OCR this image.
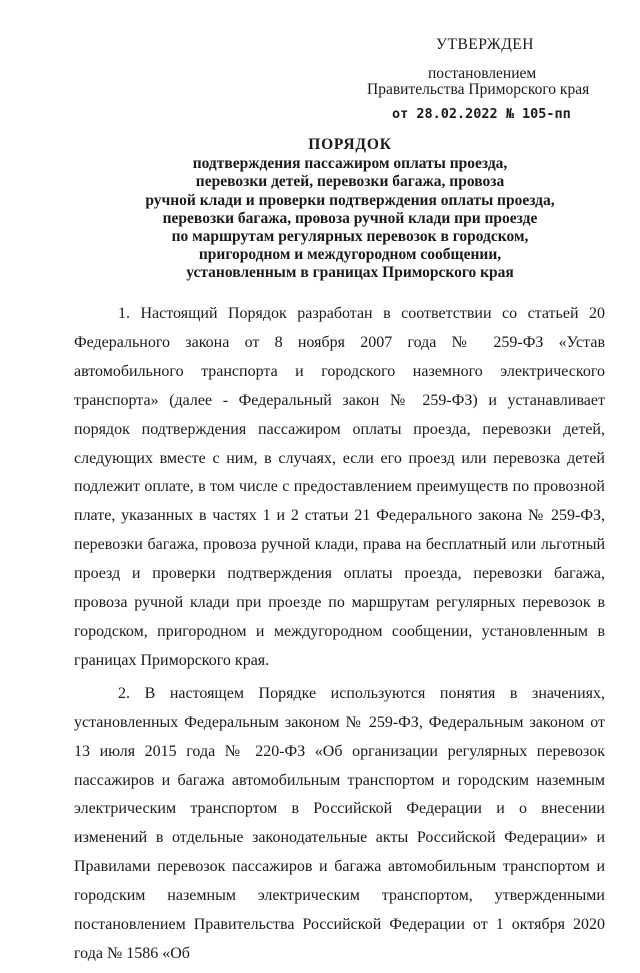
УТВЕРЖДЕН
постановлением
Правительства Приморского края
от 28.02.2022 № 105-пп
ПОРЯДОК
подтверждения пассажиром оплаты проезда,
перевозки детей, перевозки багажа, провоза
ручной клади и проверки подтверждения оплаты проезда,
перевозки багажа, провоза ручной клади при проезде
по маршрутам регулярных перевозок в городском,
пригородном и междугородном сообщении,
установленным в границах Приморского края

1. Настоящий Порядок разработан в соответствии со статьей 20 Федерального закона от 8 ноября 2007 года № 259-ФЗ «Устав автомобильного транспорта и городского наземного электрического транспорта» (далее - Федеральный закон № 259-ФЗ) и устанавливает порядок подтверждения пассажиром оплаты проезда, перевозки детей, следующих вместе с ним, в случаях, если его проезд или перевозка детей подлежит оплате, в том числе с предоставлением преимуществ по провозной плате, указанных в частях 1 и 2 статьи 21 Федерального закона № 259-ФЗ, перевозки багажа, провоза ручной клади, права на бесплатный или льготный проезд и проверки подтверждения оплаты проезда, перевозки багажа, провоза ручной клади при проезде по маршрутам регулярных перевозок в городском, пригородном и междугородном сообщении, установленным в границах Приморского края.

2. В настоящем Порядке используются понятия в значениях, установленных Федеральным законом № 259-ФЗ, Федеральным законом от 13 июля 2015 года № 220-ФЗ «Об организации регулярных перевозок пассажиров и багажа автомобильным транспортом и городским наземным электрическим транспортом в Российской Федерации и о внесении изменений в отдельные законодательные акты Российской Федерации» и Правилами перевозок пассажиров и багажа автомобильным транспортом и городским наземным электрическим транспортом, утвержденными постановлением Правительства Российской Федерации от 1 октября 2020 года № 1586 «Об
